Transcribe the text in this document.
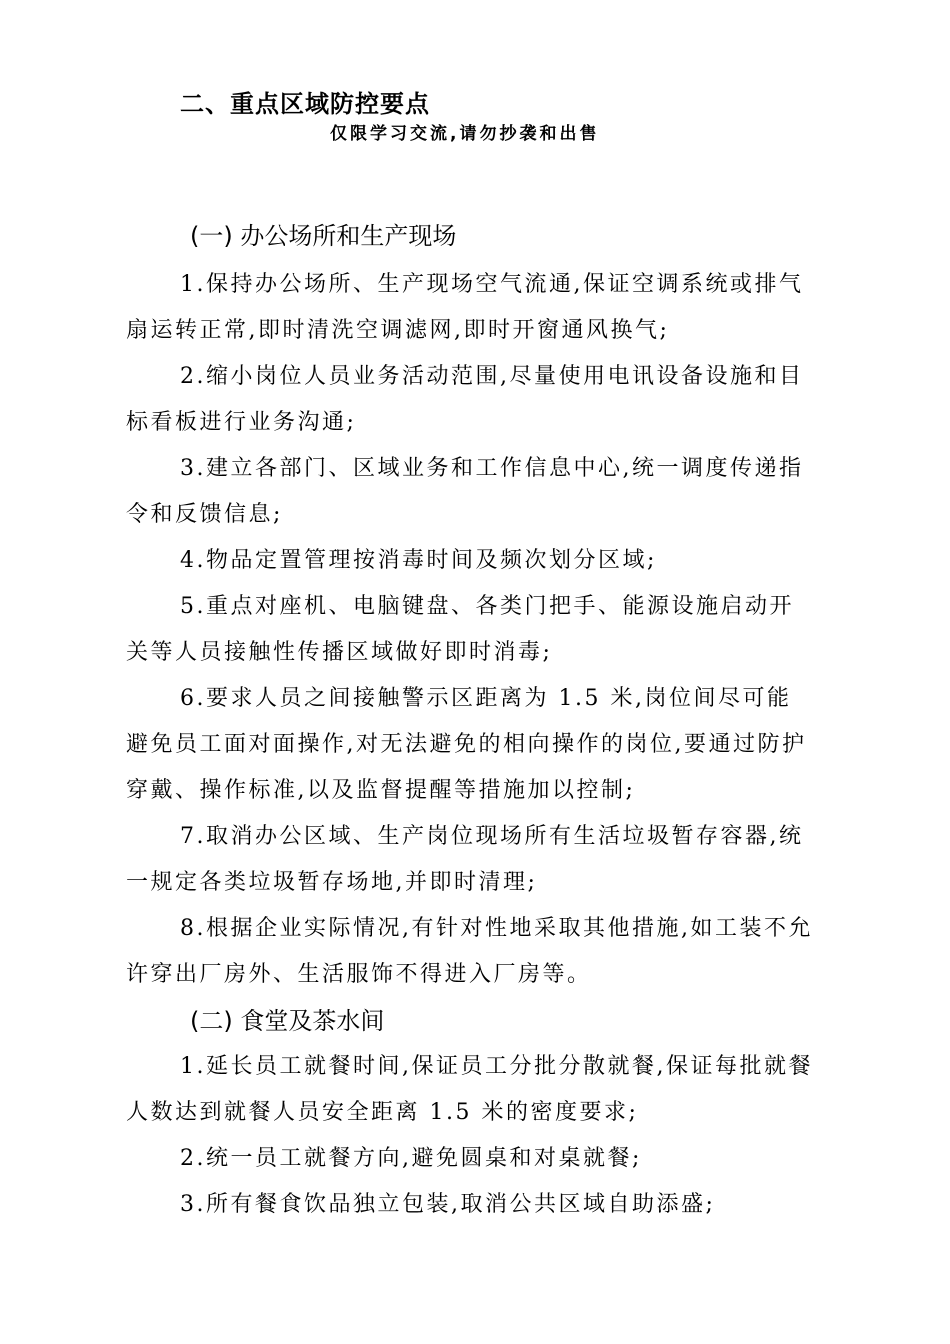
二、重点区域防控要点
仅限学习交流,请勿抄袭和出售
(一) 办公场所和生产现场
1.保持办公场所、生产现场空气流通,保证空调系统或排气扇运转正常,即时清洗空调滤网,即时开窗通风换气;
2.缩小岗位人员业务活动范围,尽量使用电讯设备设施和目标看板进行业务沟通;
3.建立各部门、区域业务和工作信息中心,统一调度传递指令和反馈信息;
4.物品定置管理按消毒时间及频次划分区域;
5.重点对座机、电脑键盘、各类门把手、能源设施启动开关等人员接触性传播区域做好即时消毒;
6.要求人员之间接触警示区距离为 1.5 米,岗位间尽可能 避免员工面对面操作,对无法避免的相向操作的岗位,要通过防护穿戴、操作标准,以及监督提醒等措施加以控制;
7.取消办公区域、生产岗位现场所有生活垃圾暂存容器,统一规定各类垃圾暂存场地,并即时清理;
8.根据企业实际情况,有针对性地采取其他措施,如工装不允许穿出厂房外、生活服饰不得进入厂房等。
(二) 食堂及茶水间
1.延长员工就餐时间,保证员工分批分散就餐,保证每批就餐人数达到就餐人员安全距离 1.5 米的密度要求;
2.统一员工就餐方向,避免圆桌和对桌就餐;
3.所有餐食饮品独立包装,取消公共区域自助添盛;
